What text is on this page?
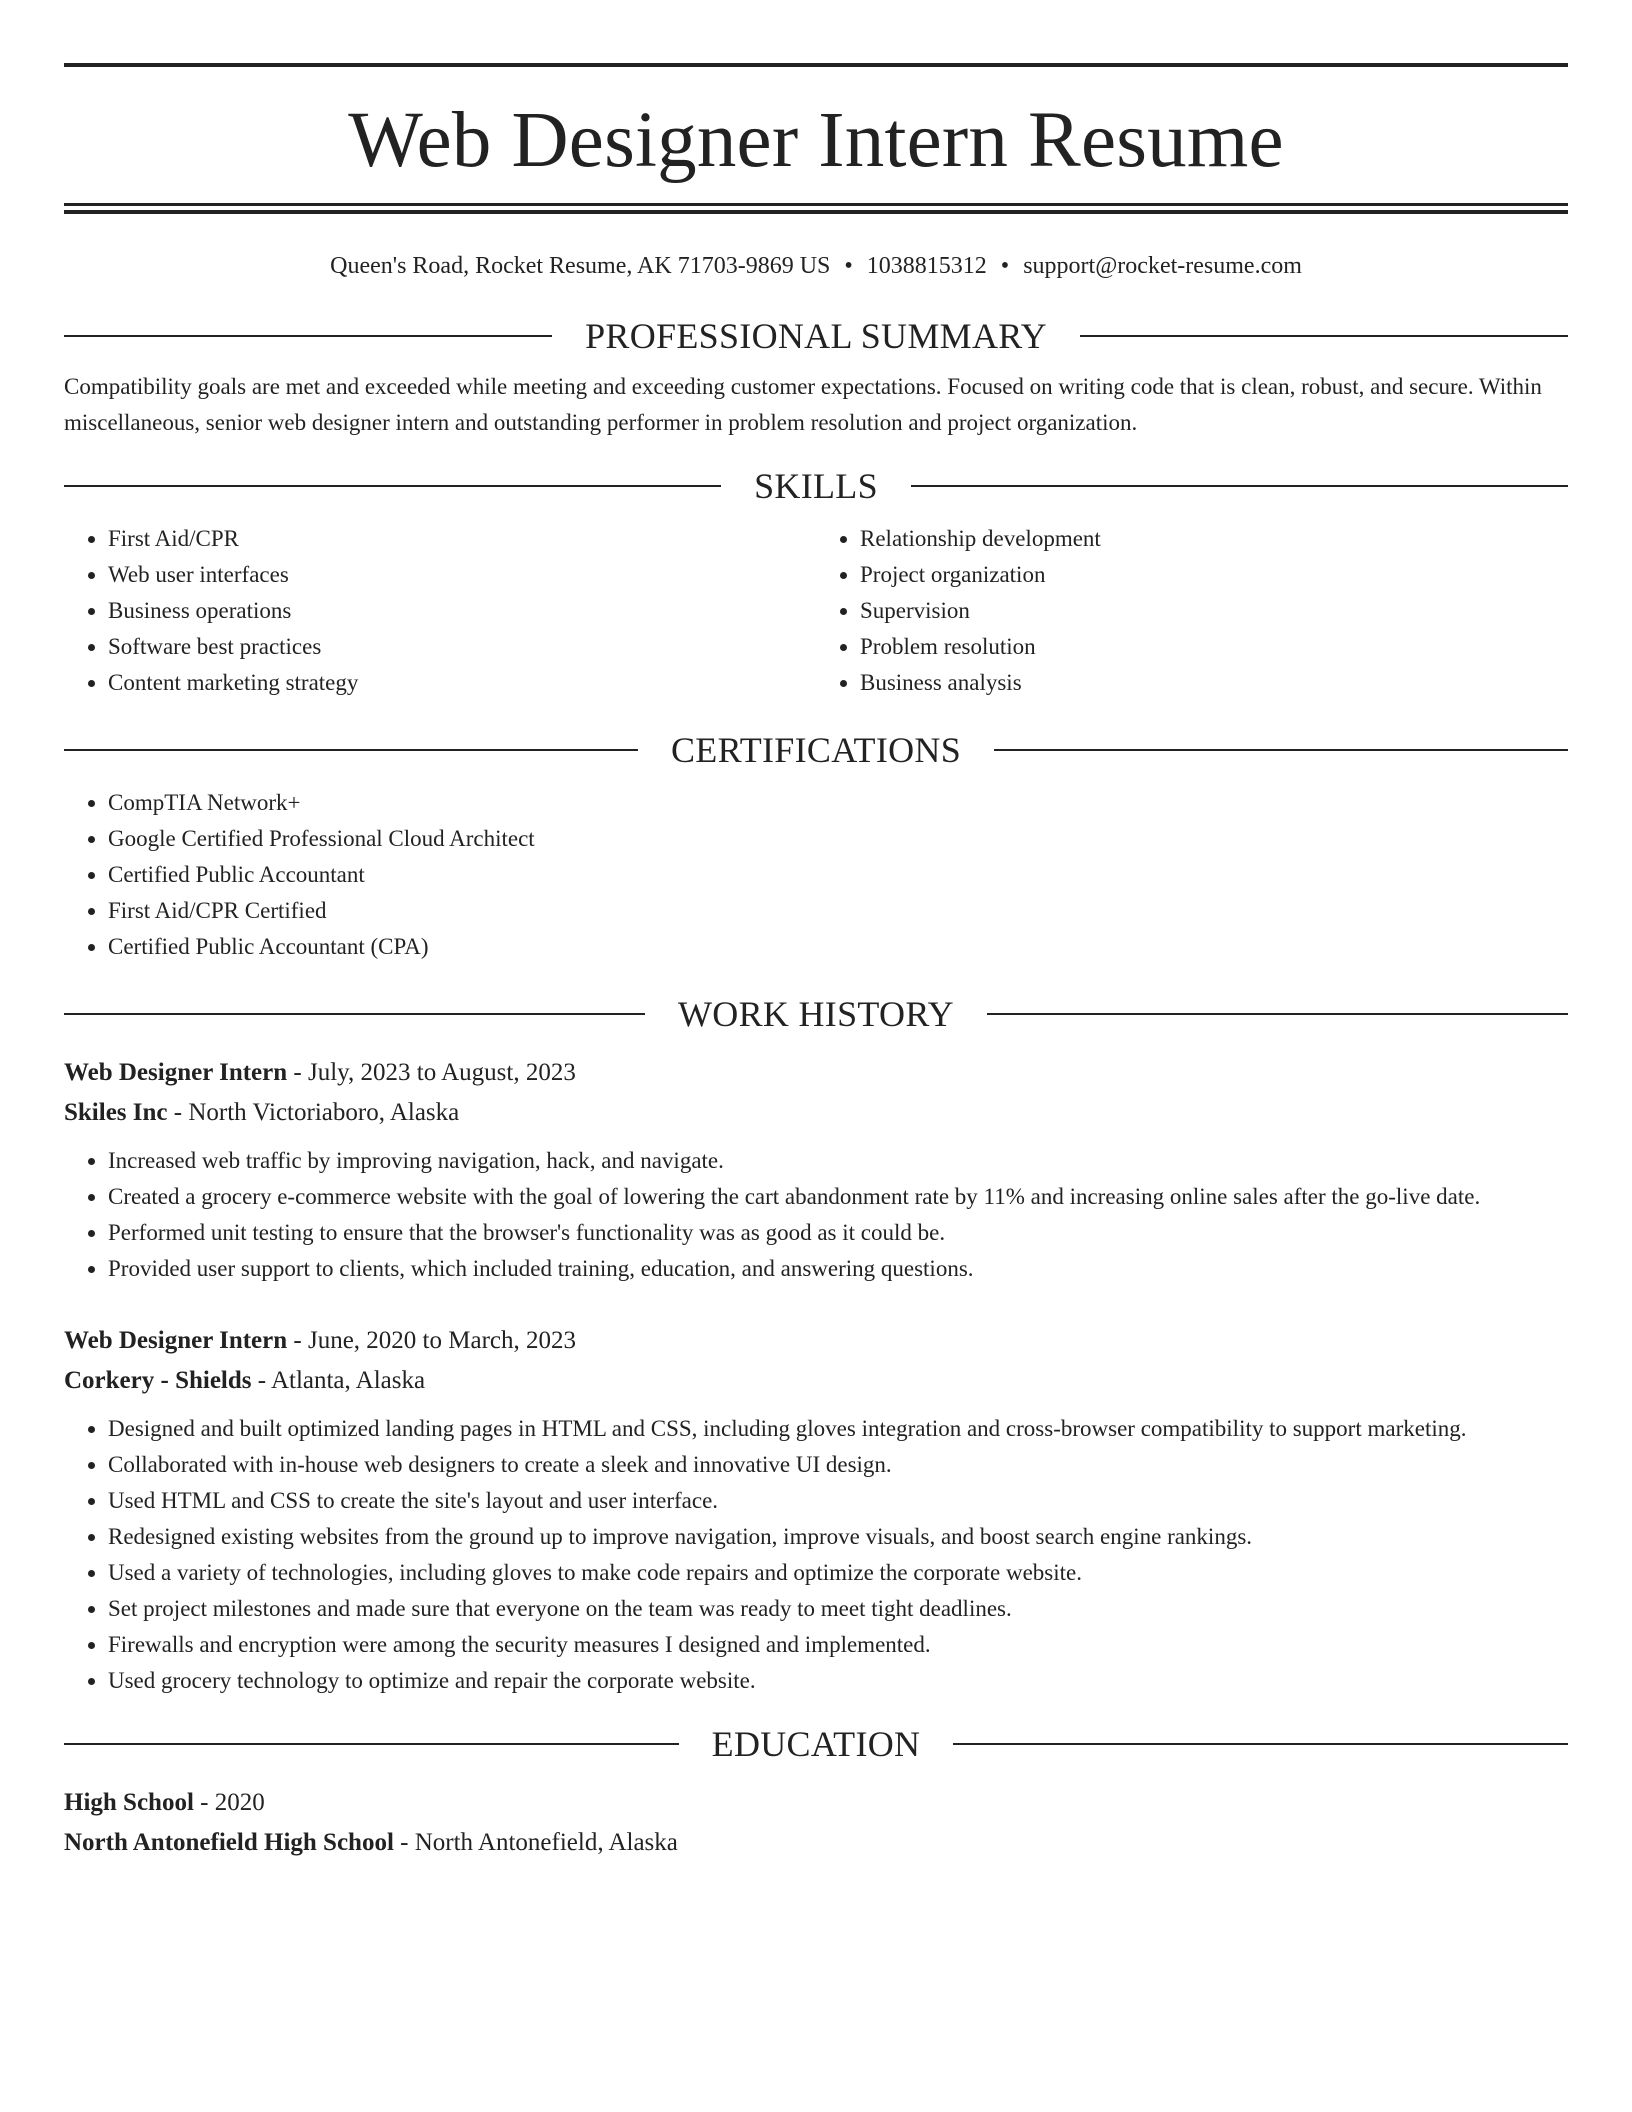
Web Designer Intern Resume
Queen's Road, Rocket Resume, AK 71703-9869 US • 1038815312 • support@rocket-resume.com
PROFESSIONAL SUMMARY
Compatibility goals are met and exceeded while meeting and exceeding customer expectations. Focused on writing code that is clean, robust, and secure. Within miscellaneous, senior web designer intern and outstanding performer in problem resolution and project organization.
SKILLS
• First Aid/CPR
• Web user interfaces
• Business operations
• Software best practices
• Content marketing strategy
• Relationship development
• Project organization
• Supervision
• Problem resolution
• Business analysis
CERTIFICATIONS
• CompTIA Network+
• Google Certified Professional Cloud Architect
• Certified Public Accountant
• First Aid/CPR Certified
• Certified Public Accountant (CPA)
WORK HISTORY
Web Designer Intern - July, 2023 to August, 2023
Skiles Inc - North Victoriaboro, Alaska
• Increased web traffic by improving navigation, hack, and navigate.
• Created a grocery e-commerce website with the goal of lowering the cart abandonment rate by 11% and increasing online sales after the go-live date.
• Performed unit testing to ensure that the browser's functionality was as good as it could be.
• Provided user support to clients, which included training, education, and answering questions.
Web Designer Intern - June, 2020 to March, 2023
Corkery - Shields - Atlanta, Alaska
• Designed and built optimized landing pages in HTML and CSS, including gloves integration and cross-browser compatibility to support marketing.
• Collaborated with in-house web designers to create a sleek and innovative UI design.
• Used HTML and CSS to create the site's layout and user interface.
• Redesigned existing websites from the ground up to improve navigation, improve visuals, and boost search engine rankings.
• Used a variety of technologies, including gloves to make code repairs and optimize the corporate website.
• Set project milestones and made sure that everyone on the team was ready to meet tight deadlines.
• Firewalls and encryption were among the security measures I designed and implemented.
• Used grocery technology to optimize and repair the corporate website.
EDUCATION
High School - 2020
North Antonefield High School - North Antonefield, Alaska
